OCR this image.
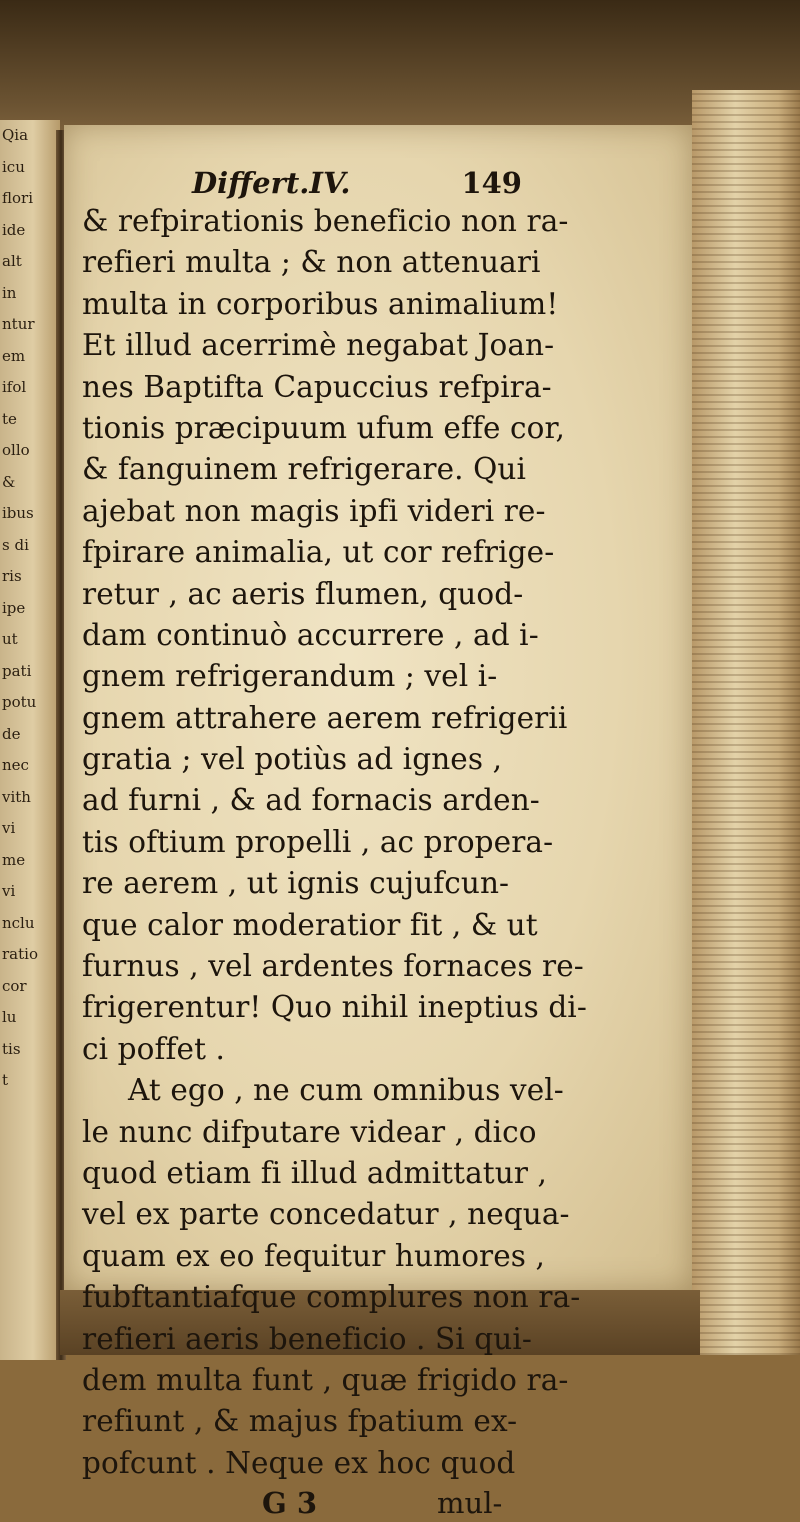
Qia
icu
flori
ide
alt
in
ntur
em
ifol
te
ollo
&
ibus
s di
ris
ipe
ut
pati
potu
de
nec
vith
vi
me
vi
nclu
ratio
cor
lu
tis
t
Differt.IV.	149
& refpirationis beneficio non ra-
refieri multa ; & non attenuari
multa in corporibus animalium!
Et illud acerrimè negabat Joan-
nes Baptifta Capuccius refpira-
tionis præcipuum ufum effe cor,
& fanguinem refrigerare. Qui
ajebat non magis ipfi videri re-
fpirare animalia, ut cor refrige-
retur , ac aeris flumen, quod-
dam continuò accurrere , ad i-
gnem refrigerandum ; vel i-
gnem attrahere aerem refrigerii
gratia ; vel potiùs ad ignes ,
ad furni , & ad fornacis arden-
tis oftium propelli , ac propera-
re aerem , ut ignis cujufcun-
que calor moderatior fit , & ut
furnus , vel ardentes fornaces re-
frigerentur! Quo nihil ineptius di-
ci poffet .
At ego , ne cum omnibus vel-
le nunc difputare videar , dico
quod etiam fi illud admittatur ,
vel ex parte concedatur , nequa-
quam ex eo fequitur humores ,
fubftantiafque complures non ra-
refieri aeris beneficio . Si qui-
dem multa funt , quæ frigido ra-
refiunt , & majus fpatium ex-
pofcunt . Neque ex hoc quod
G 3	mul-
